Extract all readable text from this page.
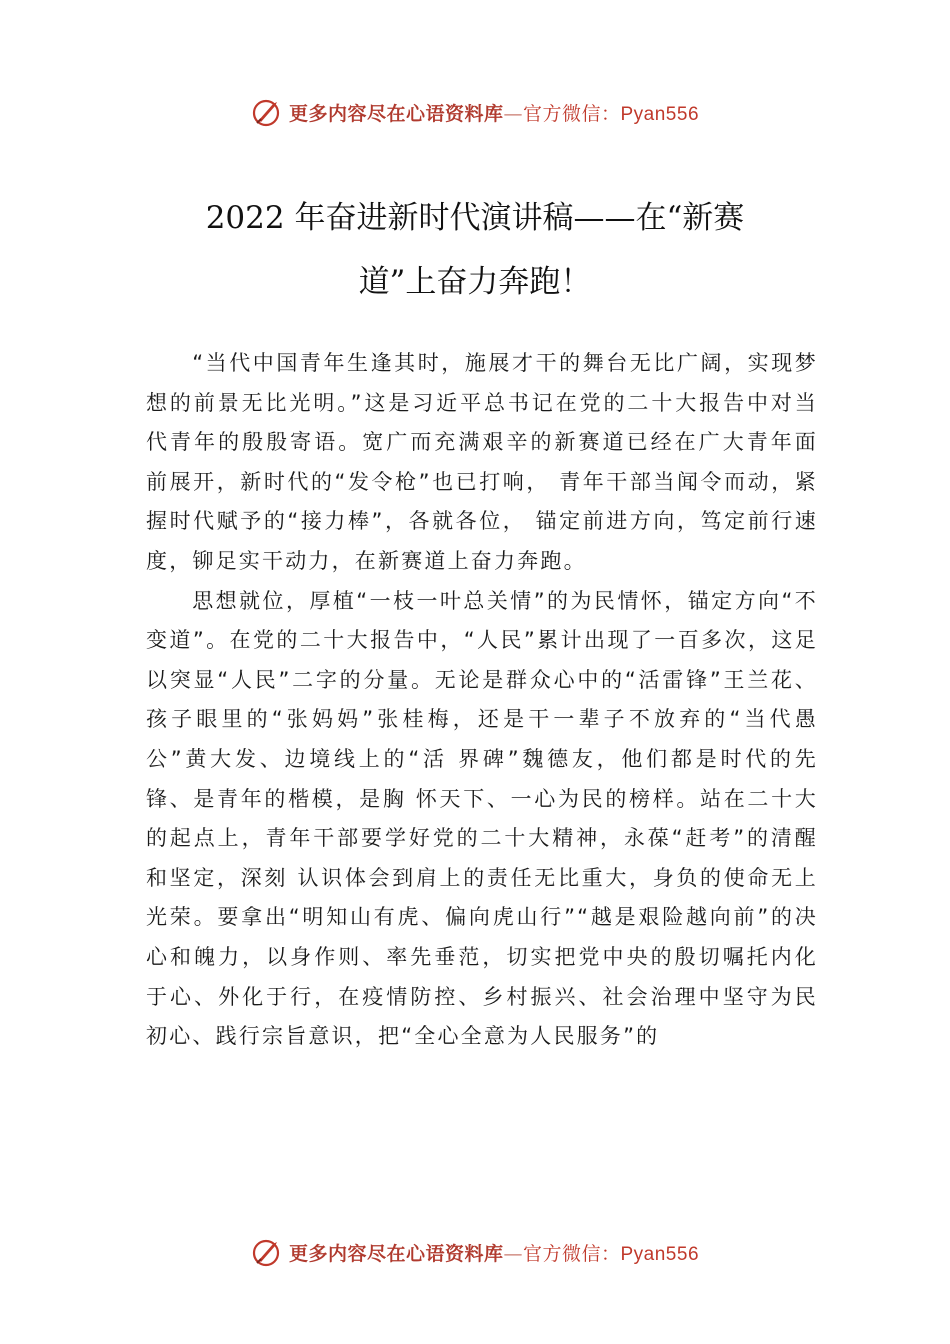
更多内容尽在心语资料库—官方微信：Pyan556
2022 年奋进新时代演讲稿——在“新赛
道”上奋力奔跑！

“当代中国青年生逢其时，施展才干的舞台无比广阔，实现梦想的前景无比光明。”这是习近平总书记在党的二十大报告中对当代青年的殷殷寄语。宽广而充满艰辛的新赛道已经在广大青年面前展开，新时代的“发令枪”也已打响， 青年干部当闻令而动，紧握时代赋予的“接力棒”，各就各位， 锚定前进方向，笃定前行速度，铆足实干动力，在新赛道上奋力奔跑。

思想就位，厚植“一枝一叶总关情”的为民情怀，锚定方向“不变道”。在党的二十大报告中，“人民”累计出现了一百多次，这足以突显“人民”二字的分量。无论是群众心中的“活雷锋”王兰花、孩子眼里的“张妈妈”张桂梅，还是干一辈子不放弃的“当代愚公”黄大发、边境线上的“活 界碑”魏德友，他们都是时代的先锋、是青年的楷模，是胸 怀天下、一心为民的榜样。站在二十大的起点上，青年干部要学好党的二十大精神，永葆“赶考”的清醒和坚定，深刻 认识体会到肩上的责任无比重大，身负的使命无上光荣。要拿出“明知山有虎、偏向虎山行”“越是艰险越向前”的决心和魄力，以身作则、率先垂范，切实把党中央的殷切嘱托内化于心、外化于行，在疫情防控、乡村振兴、社会治理中坚守为民初心、践行宗旨意识，把“全心全意为人民服务”的

更多内容尽在心语资料库—官方微信：Pyan556
